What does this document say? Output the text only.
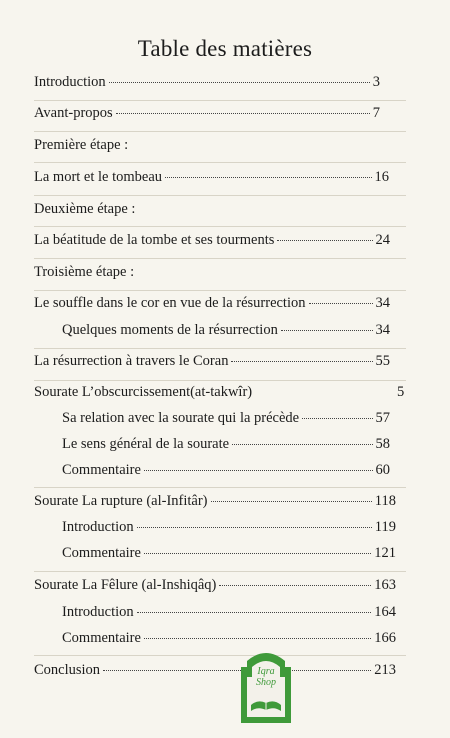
Table des matières
Introduction	3
Avant-propos	7
Première étape :
La mort et le tombeau	16
Deuxième étape :
La béatitude de la tombe et ses tourments	24
Troisième étape :
Le souffle dans le cor en vue de la résurrection	34
Quelques moments de la résurrection	34
La résurrection à travers le Coran	55
Sourate L’obscurcissement(at-takwîr)	5
Sa relation avec la sourate qui la précède	57
Le sens général de la sourate	58
Commentaire	60
Sourate La rupture (al-Infitâr)	118
Introduction	119
Commentaire	121
Sourate La Fêlure (al-Inshiqâq)	163
Introduction	164
Commentaire	166
Conclusion	213
Iqra
Shop
